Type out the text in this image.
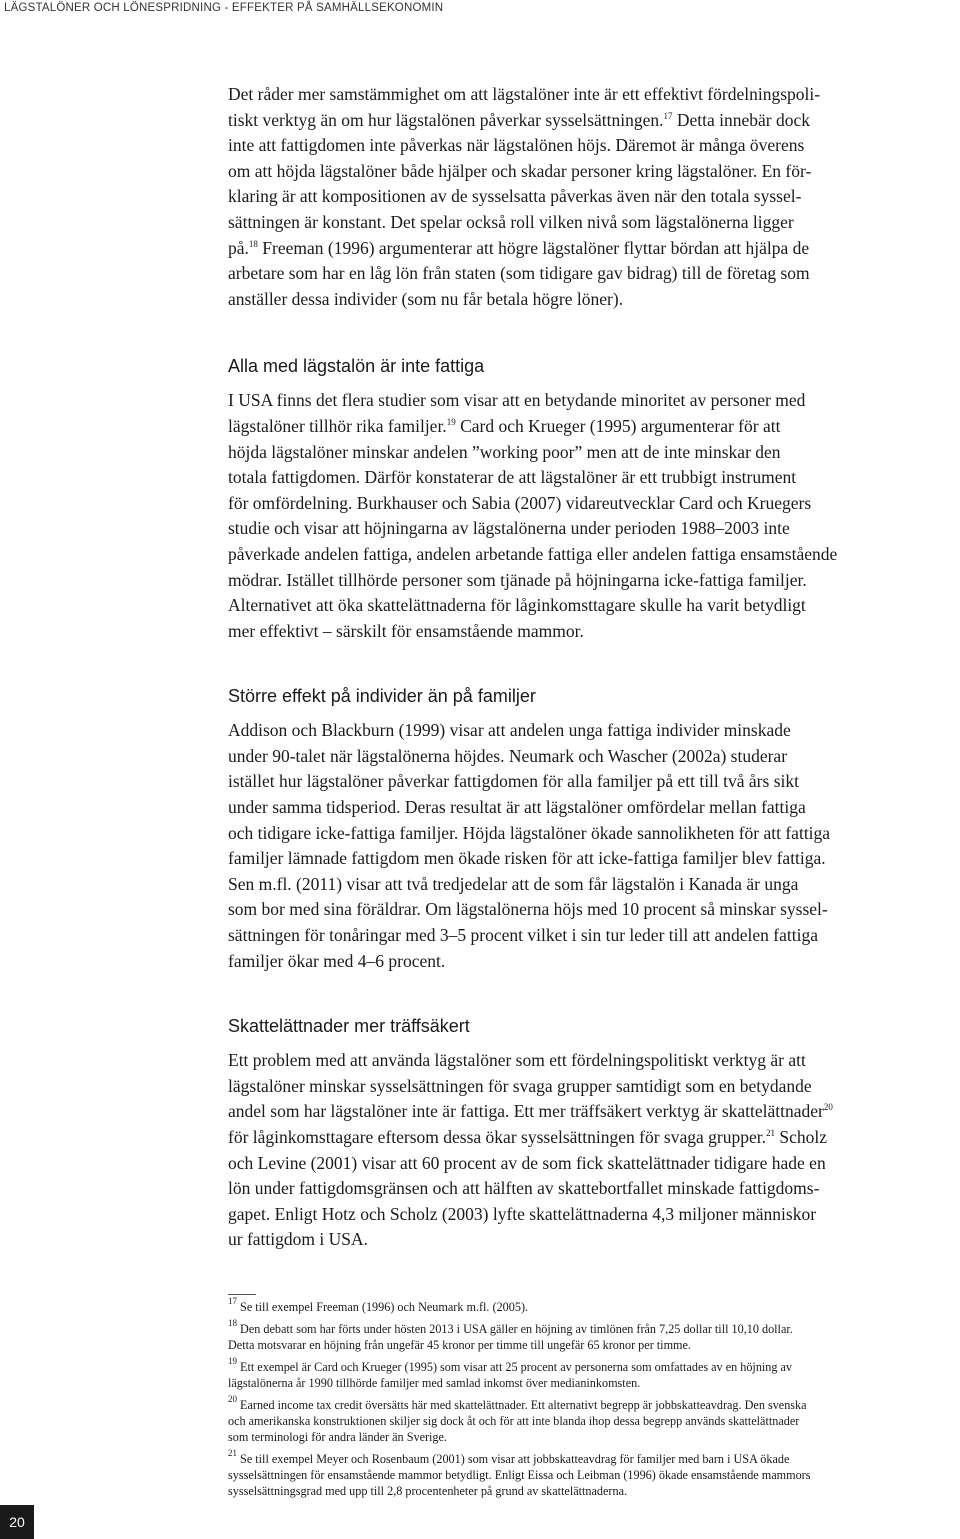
LÄGSTALÖNER OCH LÖNESPRIDNING - EFFEKTER PÅ SAMHÄLLSEKONOMIN

Det råder mer samstämmighet om att lägstalöner inte är ett effektivt fördelningspoli-
tiskt verktyg än om hur lägstalönen påverkar sysselsättningen.$^{17}$ Detta innebär dock
inte att fattigdomen inte påverkas när lägstalönen höjs. Däremot är många överens
om att höjda lägstalöner både hjälper och skadar personer kring lägstalöner. En för-
klaring är att kompositionen av de sysselsatta påverkas även när den totala syssel-
sättningen är konstant. Det spelar också roll vilken nivå som lägstalönerna ligger
på.$^{18}$ Freeman (1996) argumenterar att högre lägstalöner flyttar bördan att hjälpa de
arbetare som har en låg lön från staten (som tidigare gav bidrag) till de företag som
anställer dessa individer (som nu får betala högre löner).

Alla med lägstalön är inte fattiga

I USA finns det flera studier som visar att en betydande minoritet av personer med
lägstalöner tillhör rika familjer.$^{19}$ Card och Krueger (1995) argumenterar för att
höjda lägstalöner minskar andelen ”working poor” men att de inte minskar den
totala fattigdomen. Därför konstaterar de att lägstalöner är ett trubbigt instrument
för omfördelning. Burkhauser och Sabia (2007) vidareutvecklar Card och Kruegers
studie och visar att höjningarna av lägstalönerna under perioden 1988–2003 inte
påverkade andelen fattiga, andelen arbetande fattiga eller andelen fattiga ensamstående
mödrar. Istället tillhörde personer som tjänade på höjningarna icke-fattiga familjer.
Alternativet att öka skattelättnaderna för låginkomsttagare skulle ha varit betydligt
mer effektivt – särskilt för ensamstående mammor.

Större effekt på individer än på familjer

Addison och Blackburn (1999) visar att andelen unga fattiga individer minskade
under 90-talet när lägstalönerna höjdes. Neumark och Wascher (2002a) studerar
istället hur lägstalöner påverkar fattigdomen för alla familjer på ett till två års sikt
under samma tidsperiod. Deras resultat är att lägstalöner omfördelar mellan fattiga
och tidigare icke-fattiga familjer. Höjda lägstalöner ökade sannolikheten för att fattiga
familjer lämnade fattigdom men ökade risken för att icke-fattiga familjer blev fattiga.
Sen m.fl. (2011) visar att två tredjedelar att de som får lägstalön i Kanada är unga
som bor med sina föräldrar. Om lägstalönerna höjs med 10 procent så minskar syssel-
sättningen för tonåringar med 3–5 procent vilket i sin tur leder till att andelen fattiga
familjer ökar med 4–6 procent.

Skattelättnader mer träffsäkert

Ett problem med att använda lägstalöner som ett fördelningspolitiskt verktyg är att
lägstalöner minskar sysselsättningen för svaga grupper samtidigt som en betydande
andel som har lägstalöner inte är fattiga. Ett mer träffsäkert verktyg är skattelättnader$^{20}$
för låginkomsttagare eftersom dessa ökar sysselsättningen för svaga grupper.$^{21}$ Scholz
och Levine (2001) visar att 60 procent av de som fick skattelättnader tidigare hade en
lön under fattigdomsgränsen och att hälften av skattebortfallet minskade fattigdoms-
gapet. Enligt Hotz och Scholz (2003) lyfte skattelättnaderna 4,3 miljoner människor
ur fattigdom i USA.

$^{17}$ Se till exempel Freeman (1996) och Neumark m.fl. (2005).

$^{18}$ Den debatt som har förts under hösten 2013 i USA gäller en höjning av timlönen från 7,25 dollar till 10,10 dollar.
Detta motsvarar en höjning från ungefär 45 kronor per timme till ungefär 65 kronor per timme.

$^{19}$ Ett exempel är Card och Krueger (1995) som visar att 25 procent av personerna som omfattades av en höjning av
lägstalönerna år 1990 tillhörde familjer med samlad inkomst över medianinkomsten.

$^{20}$ Earned income tax credit översätts här med skattelättnader. Ett alternativt begrepp är jobbskatteavdrag. Den svenska
och amerikanska konstruktionen skiljer sig dock åt och för att inte blanda ihop dessa begrepp används skattelättnader
som terminologi för andra länder än Sverige.

$^{21}$ Se till exempel Meyer och Rosenbaum (2001) som visar att jobbskatteavdrag för familjer med barn i USA ökade
sysselsättningen för ensamstående mammor betydligt. Enligt Eissa och Leibman (1996) ökade ensamstående mammors
sysselsättningsgrad med upp till 2,8 procentenheter på grund av skattelättnaderna.

20
